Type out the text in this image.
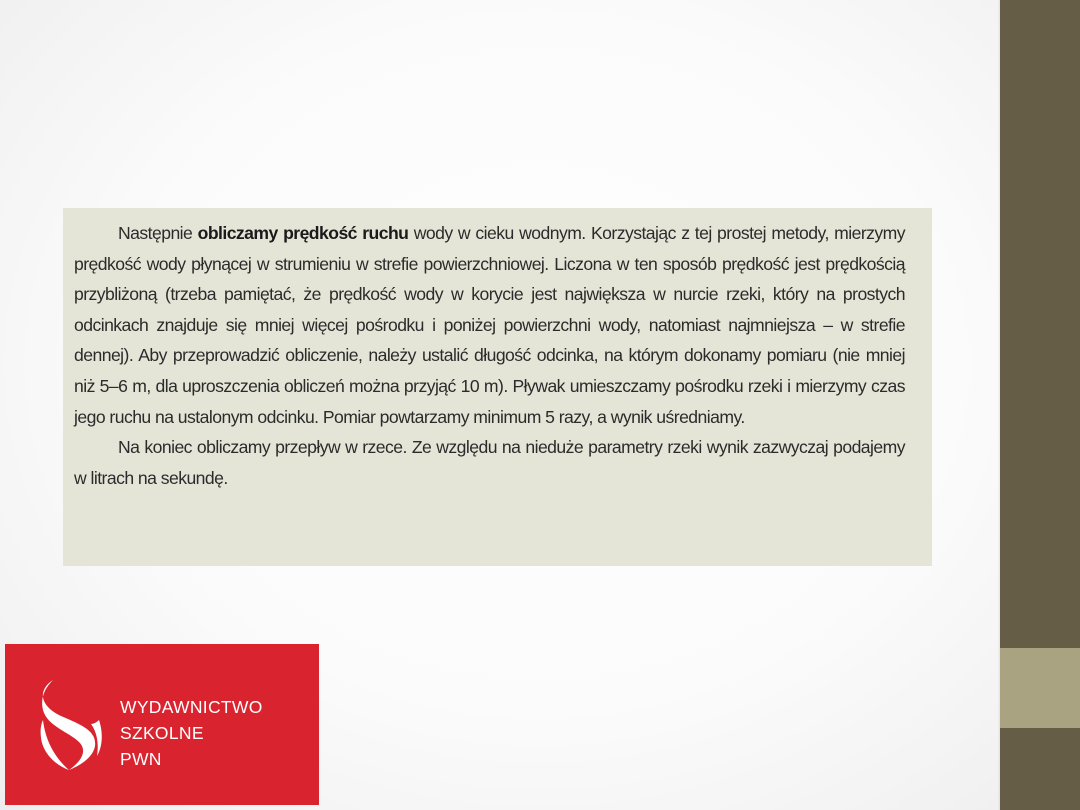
Następnie obliczamy prędkość ruchu wody w cieku wodnym. Korzystając z tej prostej metody, mierzymy prędkość wody płynącej w strumieniu w strefie powierzchniowej. Liczona w ten sposób prędkość jest prędkością przybliżoną (trzeba pamiętać, że prędkość wody w korycie jest największa w nurcie rzeki, który na prostych odcinkach znajduje się mniej więcej pośrodku i poniżej powierzchni wody, natomiast najmniejsza – w strefie dennej). Aby przeprowadzić obliczenie, należy ustalić długość odcinka, na którym dokonamy pomiaru (nie mniej niż 5–6 m, dla uproszczenia obliczeń można przyjąć 10 m). Pływak umieszczamy pośrodku rzeki i mierzymy czas jego ruchu na ustalonym odcinku. Pomiar powtarzamy minimum 5 razy, a wynik uśredniamy.

Na koniec obliczamy przepływ w rzece. Ze względu na nieduże parametry rzeki wynik zazwyczaj podajemy w litrach na sekundę.

WYDAWNICTWO
SZKOLNE
PWN
